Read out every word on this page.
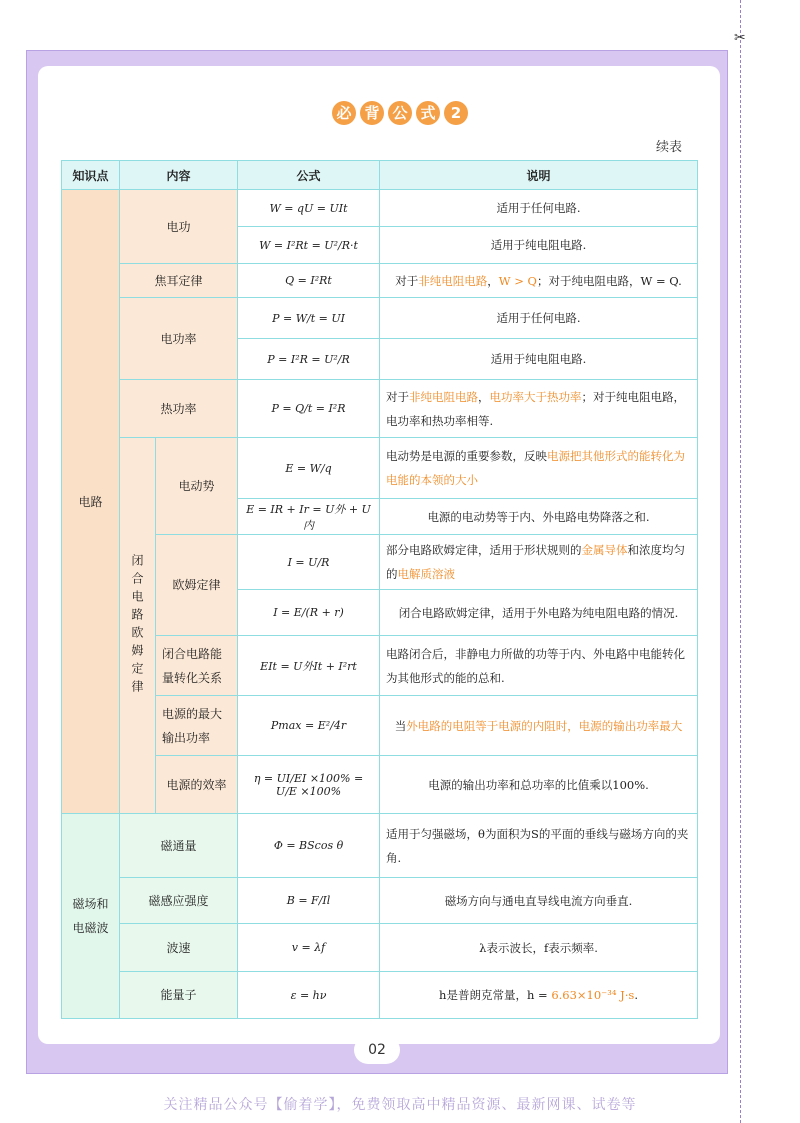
✂
必 背 公 式	2
续表
知识点	内容		公式	说明
电路	电功		W = qU = UIt	适用于任何电路.
			W = I²Rt = U²/R·t	适用于纯电阻电路.
	焦耳定律		Q = I²Rt	对于非纯电阻电路，W > Q；对于纯电阻电路，W = Q.
	电功率		P = W/t = UI	适用于任何电路.
			P = I²R = U²/R	适用于纯电阻电路.
	热功率		P = Q/t = I²R	对于非纯电阻电路，电功率大于热功率；对于纯电阻电路，电功率和热功率相等.
	闭合电路欧姆定律	电动势	E = W/q	电动势是电源的重要参数，反映电源把其他形式的能转化为电能的本领的大小
			E = IR + Ir = U外 + U内	电源的电动势等于内、外电路电势降落之和.
		欧姆定律	I = U/R	部分电路欧姆定律，适用于形状规则的金属导体和浓度均匀的电解质溶液
			I = E/(R + r)	闭合电路欧姆定律，适用于外电路为纯电阻电路的情况.
		闭合电路能量转化关系	EIt = U外It + I²rt	电路闭合后，非静电力所做的功等于内、外电路中电能转化为其他形式的能的总和.
		电源的最大输出功率	Pmax = E²/4r	当外电路的电阻等于电源的内阻时，电源的输出功率最大
		电源的效率	η = UI/EI ×100% = U/E ×100%	电源的输出功率和总功率的比值乘以100%.
磁场和电磁波	磁通量		Φ = BScos θ	适用于匀强磁场，θ为面积为S的平面的垂线与磁场方向的夹角.
	磁感应强度		B = F/Il	磁场方向与通电直导线电流方向垂直.
	波速		v = λf	λ表示波长，f表示频率.
	能量子		ε = hν	h是普朗克常量，h = 6.63×10⁻³⁴ J·s.
02
关注精品公众号【偷着学】，免费领取高中精品资源、最新网课、试卷等
